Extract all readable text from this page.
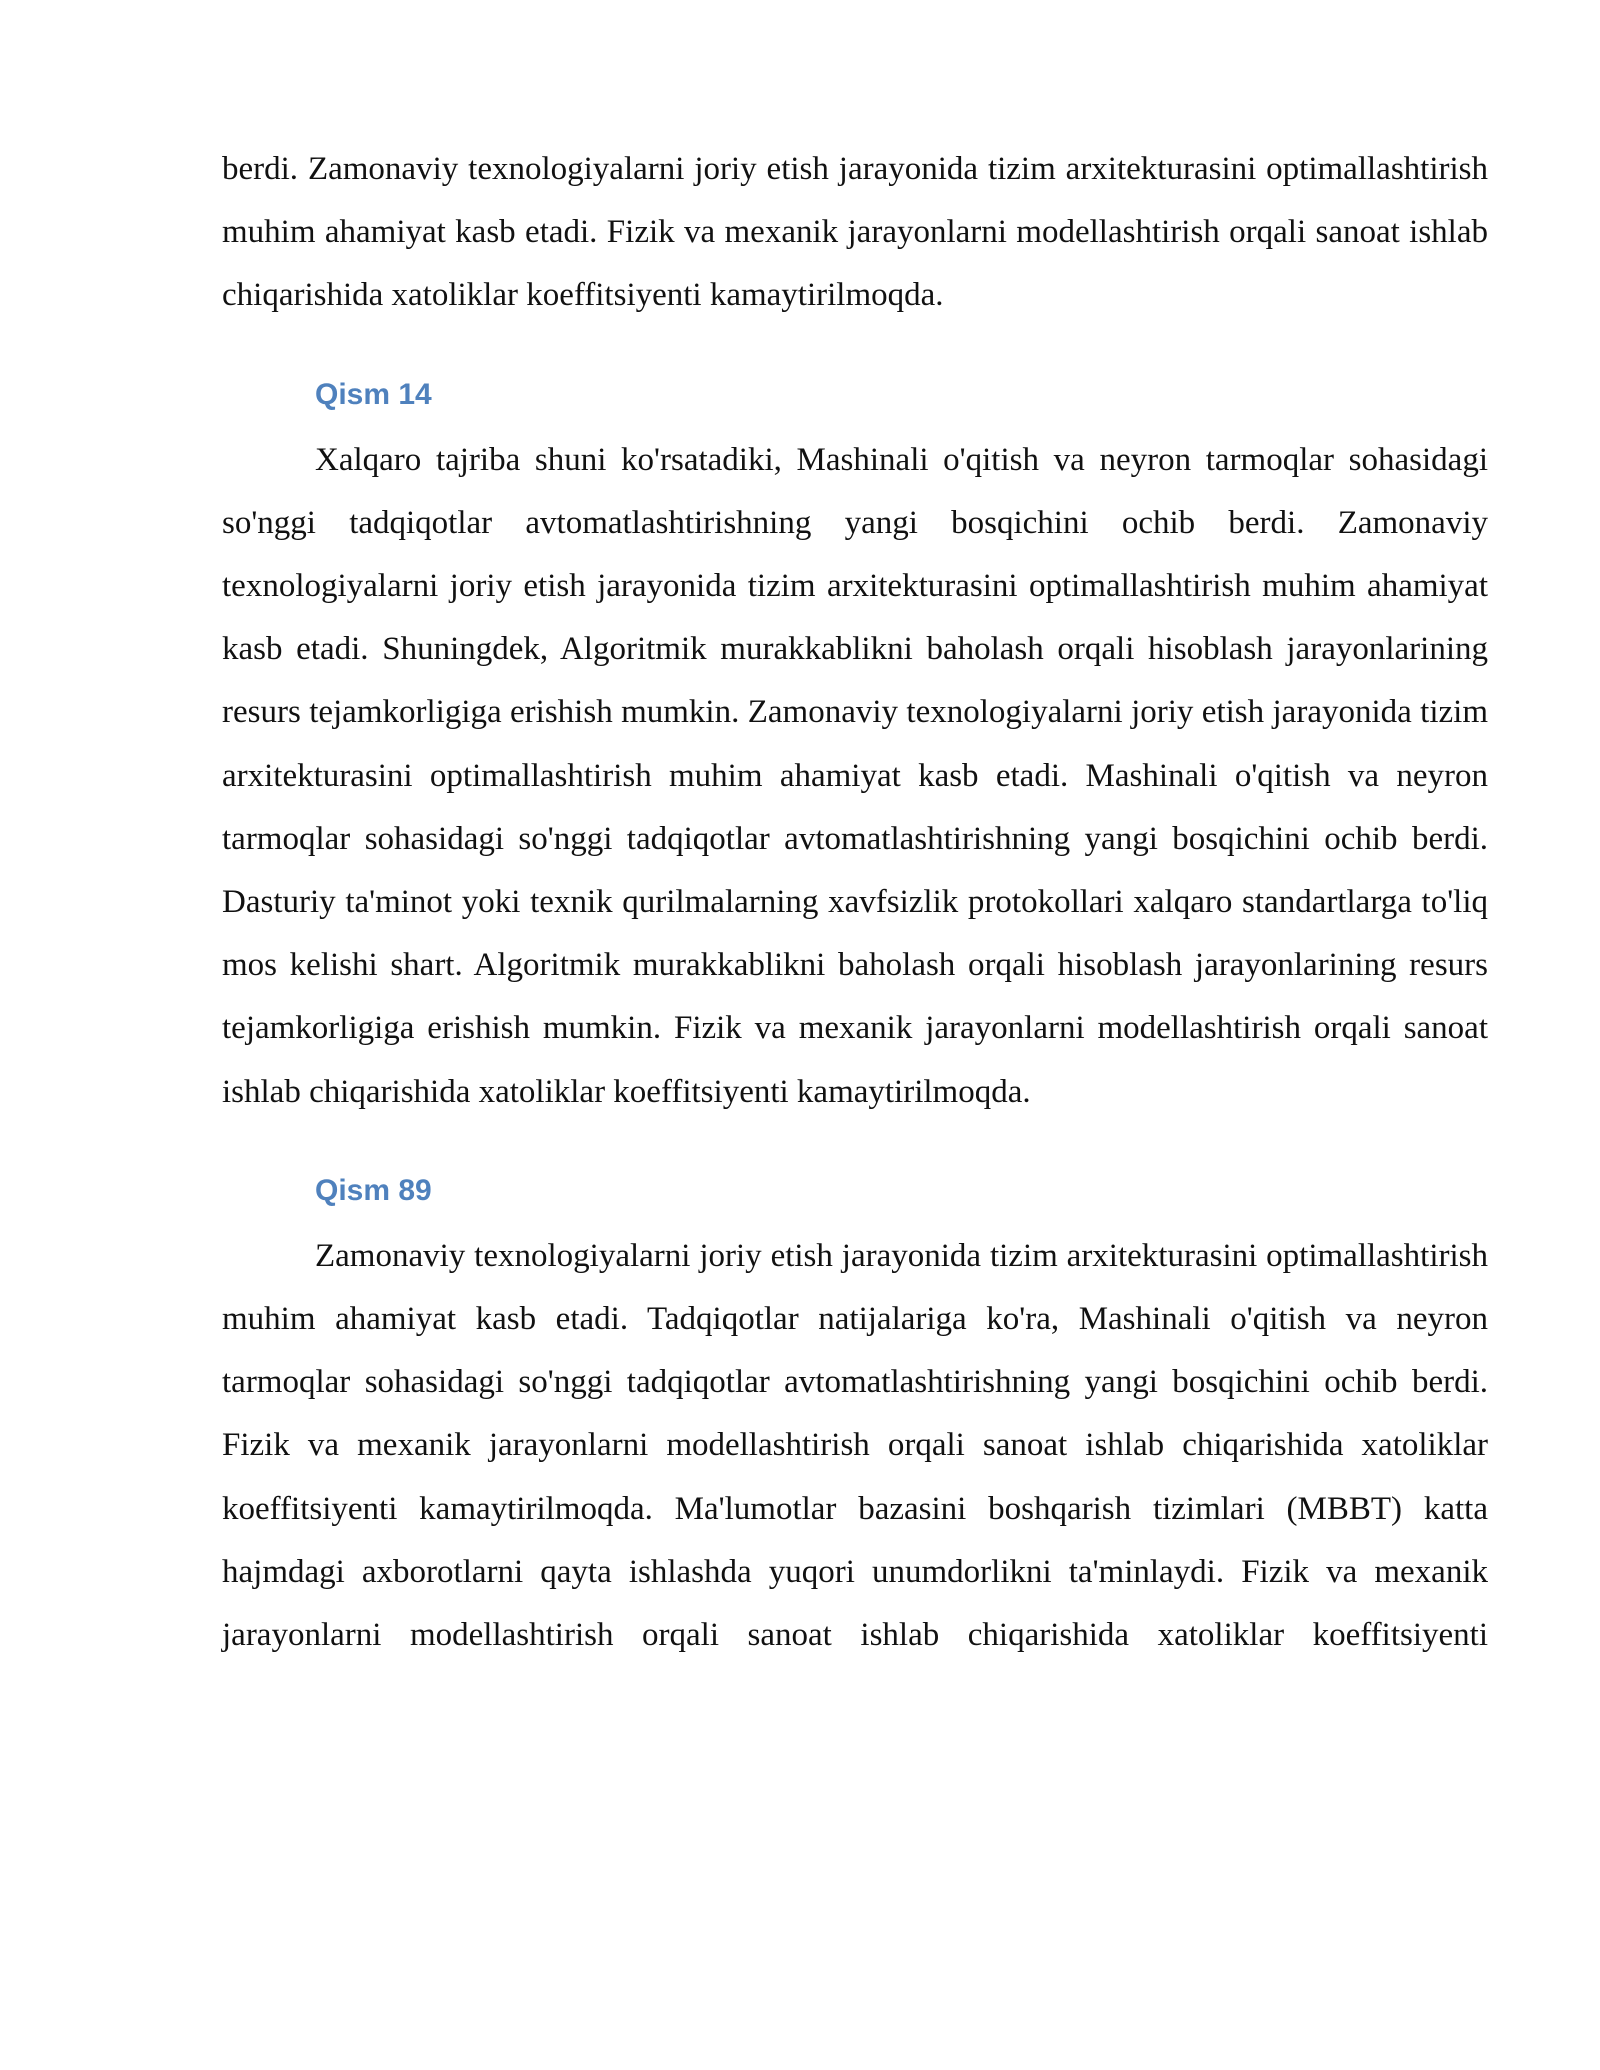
berdi. Zamonaviy texnologiyalarni joriy etish jarayonida tizim arxitekturasini optimallashtirish muhim ahamiyat kasb etadi. Fizik va mexanik jarayonlarni modellashtirish orqali sanoat ishlab chiqarishida xatoliklar koeffitsiyenti kamaytirilmoqda.

Qism 14

Xalqaro tajriba shuni ko'rsatadiki, Mashinali o'qitish va neyron tarmoqlar sohasidagi so'nggi tadqiqotlar avtomatlashtirishning yangi bosqichini ochib berdi. Zamonaviy texnologiyalarni joriy etish jarayonida tizim arxitekturasini optimallashtirish muhim ahamiyat kasb etadi. Shuningdek, Algoritmik murakkablikni baholash orqali hisoblash jarayonlarining resurs tejamkorligiga erishish mumkin. Zamonaviy texnologiyalarni joriy etish jarayonida tizim arxitekturasini optimallashtirish muhim ahamiyat kasb etadi. Mashinali o'qitish va neyron tarmoqlar sohasidagi so'nggi tadqiqotlar avtomatlashtirishning yangi bosqichini ochib berdi. Dasturiy ta'minot yoki texnik qurilmalarning xavfsizlik protokollari xalqaro standartlarga to'liq mos kelishi shart. Algoritmik murakkablikni baholash orqali hisoblash jarayonlarining resurs tejamkorligiga erishish mumkin. Fizik va mexanik jarayonlarni modellashtirish orqali sanoat ishlab chiqarishida xatoliklar koeffitsiyenti kamaytirilmoqda.

Qism 89

Zamonaviy texnologiyalarni joriy etish jarayonida tizim arxitekturasini optimallashtirish muhim ahamiyat kasb etadi. Tadqiqotlar natijalariga ko'ra, Mashinali o'qitish va neyron tarmoqlar sohasidagi so'nggi tadqiqotlar avtomatlashtirishning yangi bosqichini ochib berdi. Fizik va mexanik jarayonlarni modellashtirish orqali sanoat ishlab chiqarishida xatoliklar koeffitsiyenti kamaytirilmoqda. Ma'lumotlar bazasini boshqarish tizimlari (MBBT) katta hajmdagi axborotlarni qayta ishlashda yuqori unumdorlikni ta'minlaydi. Fizik va mexanik jarayonlarni modellashtirish orqali sanoat ishlab chiqarishida xatoliklar koeffitsiyenti
